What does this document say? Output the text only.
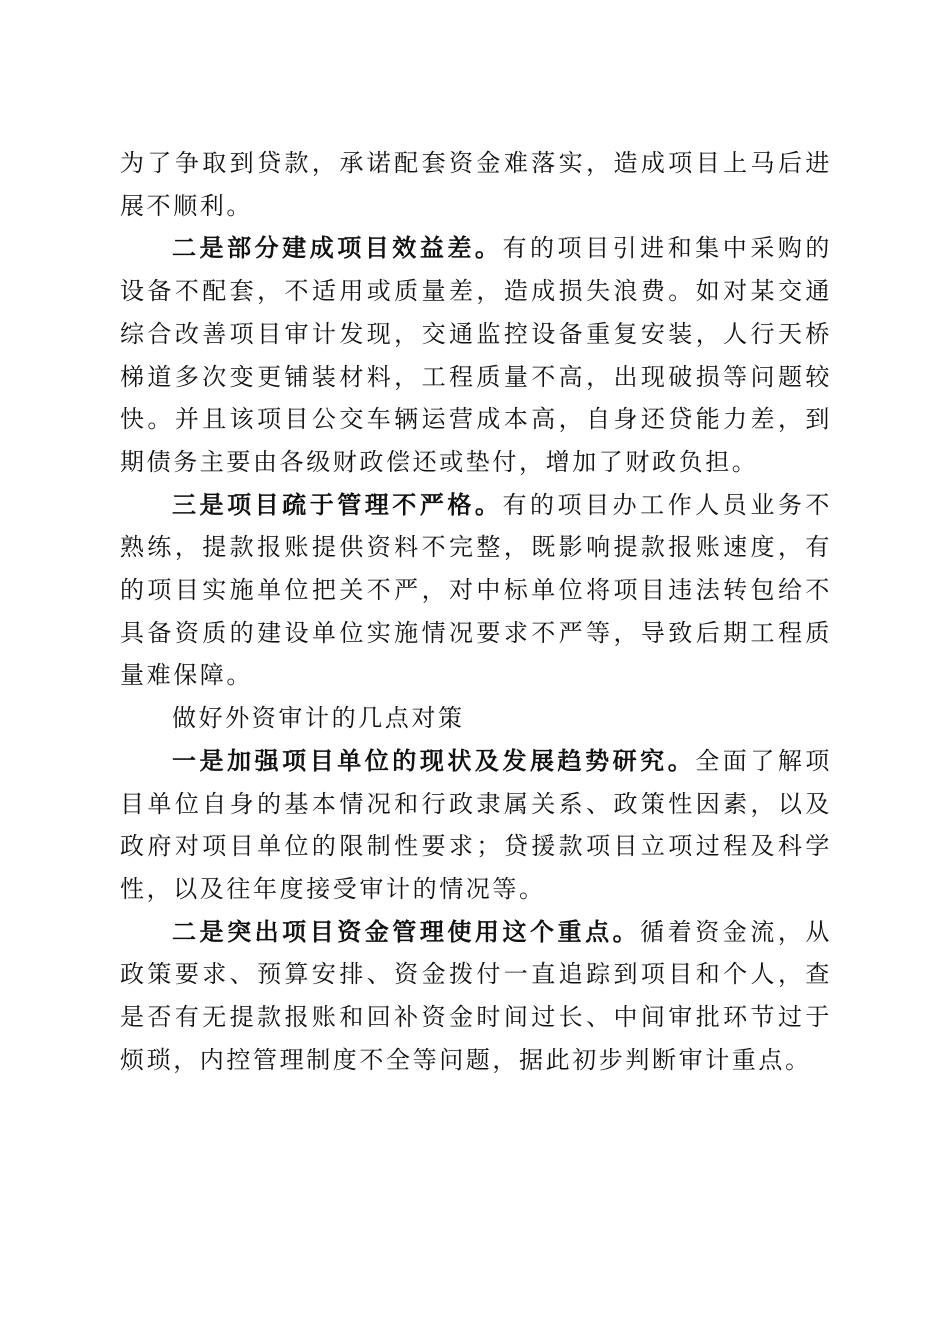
为了争取到贷款，承诺配套资金难落实，造成项目上马后进展不顺利。

二是部分建成项目效益差。有的项目引进和集中采购的设备不配套，不适用或质量差，造成损失浪费。如对某交通综合改善项目审计发现，交通监控设备重复安装，人行天桥梯道多次变更铺装材料，工程质量不高，出现破损等问题较快。并且该项目公交车辆运营成本高，自身还贷能力差，到期债务主要由各级财政偿还或垫付，增加了财政负担。

三是项目疏于管理不严格。有的项目办工作人员业务不熟练，提款报账提供资料不完整，既影响提款报账速度，有的项目实施单位把关不严，对中标单位将项目违法转包给不具备资质的建设单位实施情况要求不严等，导致后期工程质量难保障。

做好外资审计的几点对策

一是加强项目单位的现状及发展趋势研究。全面了解项目单位自身的基本情况和行政隶属关系、政策性因素，以及政府对项目单位的限制性要求；贷援款项目立项过程及科学性，以及往年度接受审计的情况等。

二是突出项目资金管理使用这个重点。循着资金流，从政策要求、预算安排、资金拨付一直追踪到项目和个人，查是否有无提款报账和回补资金时间过长、中间审批环节过于烦琐，内控管理制度不全等问题，据此初步判断审计重点。
